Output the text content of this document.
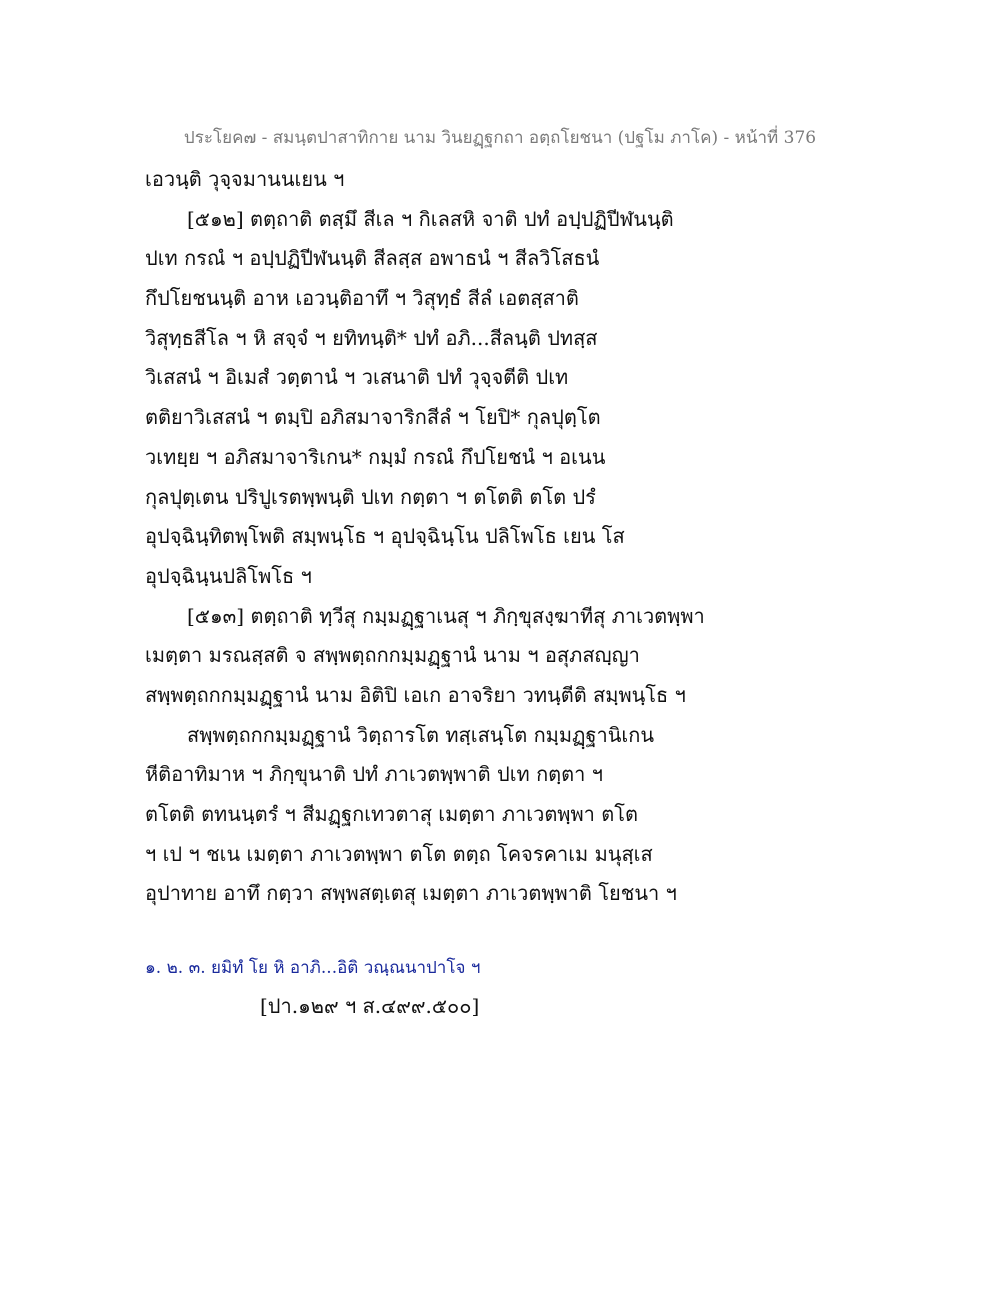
ประโยค๗ - สมนฺตปาสาทิกาย นาม วินยฏฺฐกถา อตฺถโยชนา (ปฐโม ภาโค) - หน้าที่ 376
เอวนฺติ วุจฺจมานนเยน ฯ
[๕๑๒] ตตฺถาติ ตสฺมึ สีเล ฯ กิเลสหิ จาติ ปทํ อปฺปฏิปีฬนนฺติ
ปเท กรณํ ฯ อปฺปฏิปีฬนนฺติ สีลสฺส อพาธนํ ฯ สีลวิโสธนํ
กึปโยชนนฺติ อาห เอวนฺติอาทึ ฯ วิสุทฺธํ สีลํ เอตสฺสาติ
วิสุทฺธสีโล ฯ หิ สจฺจํ ฯ ยทิทนฺติ* ปทํ อภิ...สีลนฺติ ปทสฺส
วิเสสนํ ฯ อิเมสํ วตฺตานํ ฯ วเสนาติ ปทํ วุจฺจตีติ ปเท
ตติยาวิเสสนํ ฯ ตมฺปิ อภิสมาจาริกสีลํ ฯ โยปิ* กุลปุตฺโต
วเทยฺย ฯ อภิสมาจาริเกน* กมฺมํ กรณํ กึปโยชนํ ฯ อเนน
กุลปุตฺเตน ปริปูเรตพฺพนฺติ ปเท กตฺตา ฯ ตโตติ ตโต ปรํ
อุปจฺฉินฺทิตพฺโพติ สมฺพนฺโธ ฯ อุปจฺฉินฺโน ปลิโพโธ เยน โส
อุปจฺฉินฺนปลิโพโธ ฯ
[๕๑๓] ตตฺถาติ ทฺวีสุ กมฺมฏฺฐาเนสุ ฯ ภิกฺขุสงฺฆาทีสุ ภาเวตพฺพา
เมตฺตา มรณสฺสติ จ สพฺพตฺถกกมฺมฏฺฐานํ นาม ฯ อสุภสญฺญา
สพฺพตฺถกกมฺมฏฺฐานํ นาม อิติปิ เอเก อาจริยา วทนฺตีติ สมฺพนฺโธ ฯ
สพฺพตฺถกกมฺมฏฺฐานํ วิตฺถารโต ทสฺเสนฺโต กมฺมฏฺฐานิเกน
หีติอาทิมาห ฯ ภิกฺขุนาติ ปทํ ภาเวตพฺพาติ ปเท กตฺตา ฯ
ตโตติ ตทนนฺตรํ ฯ สีมฏฺฐกเทวตาสุ เมตฺตา ภาเวตพฺพา ตโต
ฯ เป ฯ ชเน เมตฺตา ภาเวตพฺพา ตโต ตตฺถ โคจรคาเม มนุสฺเส
อุปาทาย อาทึ กตฺวา สพฺพสตฺเตสุ เมตฺตา ภาเวตพฺพาติ โยชนา ฯ
๑. ๒. ๓. ยมิทํ โย หิ อาภิ...อิติ วณฺณนาปาโจ ฯ
[ปา.๑๒๙ ฯ ส.๔๙๙.๕๐๐]
